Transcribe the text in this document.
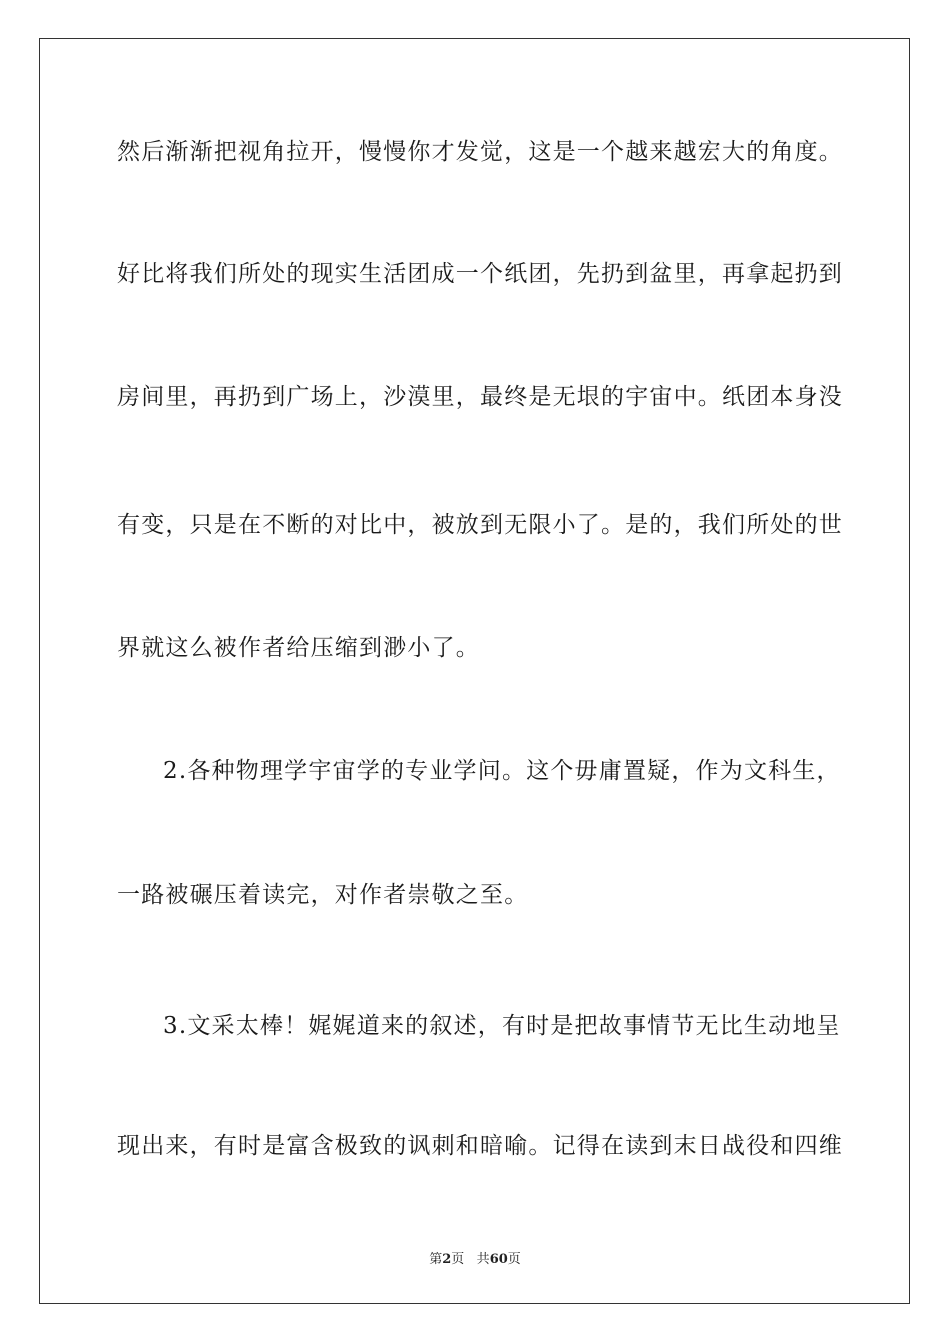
然后渐渐把视角拉开，慢慢你才发觉，这是一个越来越宏大的角度。
好比将我们所处的现实生活团成一个纸团，先扔到盆里，再拿起扔到
房间里，再扔到广场上，沙漠里，最终是无垠的宇宙中。纸团本身没
有变，只是在不断的对比中，被放到无限小了。是的，我们所处的世
界就这么被作者给压缩到渺小了。
2.各种物理学宇宙学的专业学问。这个毋庸置疑，作为文科生，
一路被碾压着读完，对作者崇敬之至。
3.文采太棒！娓娓道来的叙述，有时是把故事情节无比生动地呈
现出来，有时是富含极致的讽刺和暗喻。记得在读到末日战役和四维
第2页 共60页
